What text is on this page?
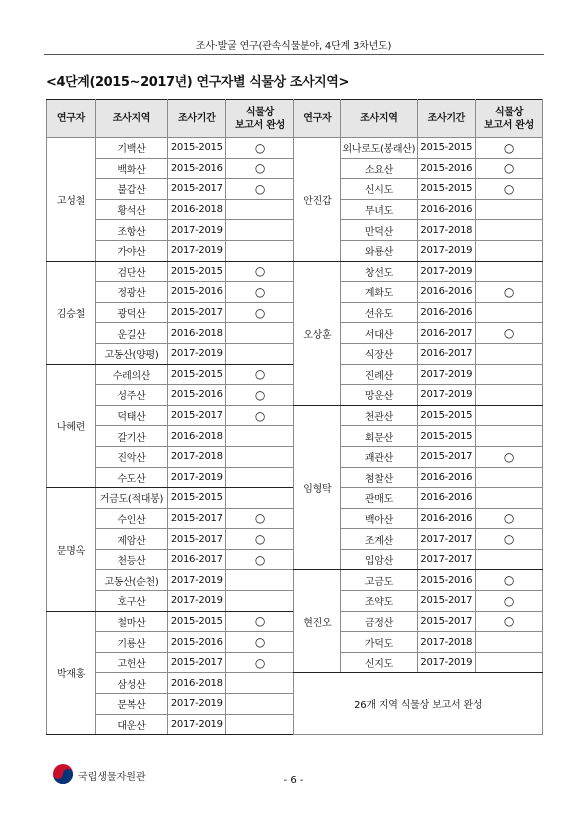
조사·발굴 연구(관속식물분야, 4단계 3차년도)
<4단계(2015~2017년) 연구자별 식물상 조사지역>
연구자	조사지역	조사기간	식물상
보고서 완성	연구자	조사지역	조사기간	식물상
보고서 완성
고성철	기백산	2015-2015	○	안진갑	외나로도(봉래산)	2015-2015	○
	백화산	2015-2016	○		소요산	2015-2016	○
	불갑산	2015-2017	○		신시도	2015-2015	○
	황석산	2016-2018			무녀도	2016-2016	
	조항산	2017-2019			만덕산	2017-2018	
	가야산	2017-2019			와룡산	2017-2019	
김승철	검단산	2015-2015	○	오상훈	창선도	2017-2019	
	정광산	2015-2016	○		계화도	2016-2016	○
	광덕산	2015-2017	○		선유도	2016-2016	
	운길산	2016-2018			서대산	2016-2017	○
	고동산(양평)	2017-2019			식장산	2016-2017	
나혜련	수레의산	2015-2015	○		진례산	2017-2019	
	성주산	2015-2016	○		망운산	2017-2019	
	덕태산	2015-2017	○	임형탁	천관산	2015-2015	
	갈기산	2016-2018			회문산	2015-2015	
	진악산	2017-2018			괘관산	2015-2017	○
	수도산	2017-2019			첨찰산	2016-2016	
문명옥	거금도(적대봉)	2015-2015			관매도	2016-2016	
	수인산	2015-2017	○		백아산	2016-2016	○
	제암산	2015-2017	○		조계산	2017-2017	○
	천등산	2016-2017	○		입암산	2017-2017	
	고동산(순천)	2017-2019		현진오	고금도	2015-2016	○
	호구산	2017-2019			조약도	2015-2017	○
박재홍	철마산	2015-2015	○		금정산	2015-2017	○
	기룡산	2015-2016	○		가덕도	2017-2018	
	고헌산	2015-2017	○		신지도	2017-2019	
	삼성산	2016-2018		26개 지역 식물상 보고서 완성			
	문복산	2017-2019					
	대운산	2017-2019					
국립생물자원관	- 6 -
